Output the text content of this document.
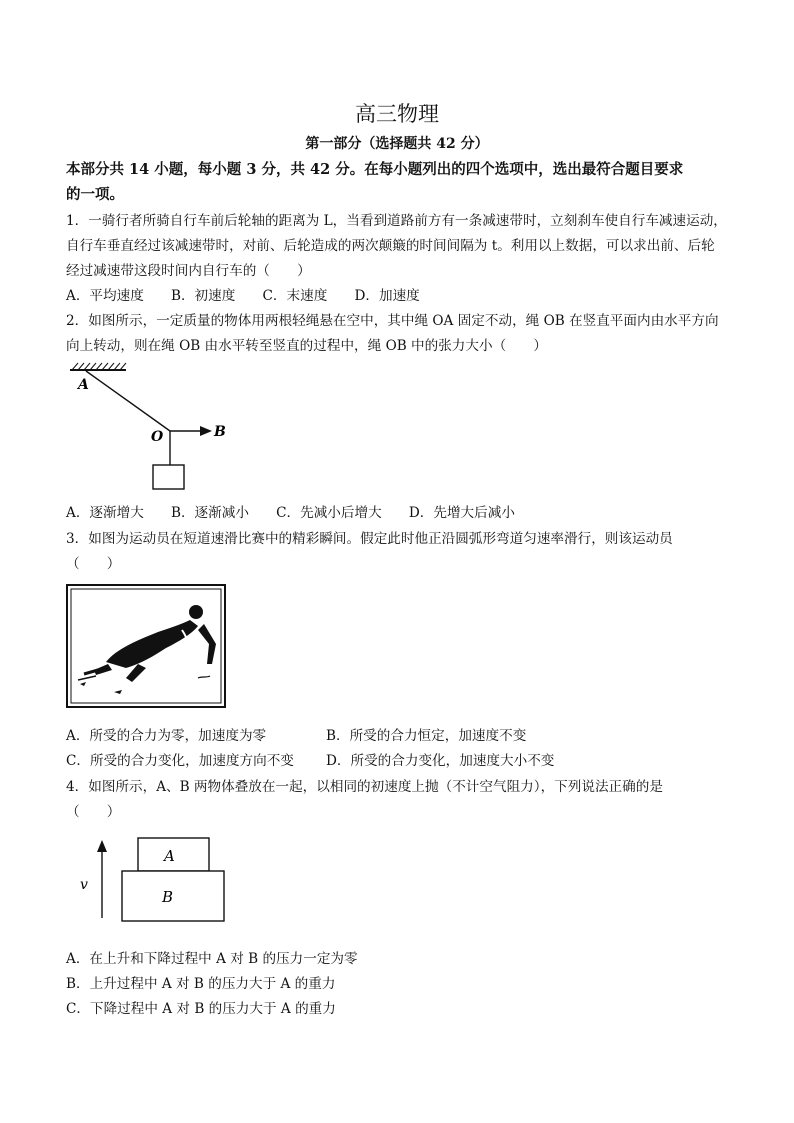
高三物理
第一部分（选择题共 42 分）
本部分共 14 小题，每小题 3 分，共 42 分。在每小题列出的四个选项中，选出最符合题目要求
的一项。
1．一骑行者所骑自行车前后轮轴的距离为 L，当看到道路前方有一条减速带时，立刻刹车使自行车减速运动，
自行车垂直经过该减速带时，对前、后轮造成的两次颠簸的时间间隔为 t。利用以上数据，可以求出前、后轮
经过减速带这段时间内自行车的（　　）
A．平均速度　　B．初速度　　C．末速度　　D．加速度
2．如图所示，一定质量的物体用两根轻绳悬在空中，其中绳 OA 固定不动，绳 OB 在竖直平面内由水平方向
向上转动，则在绳 OB 由水平转至竖直的过程中，绳 OB 中的张力大小（　　）
A
O	B
A．逐渐增大　　B．逐渐减小　　C．先减小后增大　　D．先增大后减小
3．如图为运动员在短道速滑比赛中的精彩瞬间。假定此时他正沿圆弧形弯道匀速率滑行，则该运动员
（　　）
A．所受的合力为零，加速度为零	B．所受的合力恒定，加速度不变
C．所受的合力变化，加速度方向不变 D．所受的合力变化，加速度大小不变
4．如图所示，A、B 两物体叠放在一起，以相同的初速度上抛（不计空气阻力），下列说法正确的是
（　　）
v
A
B
A．在上升和下降过程中 A 对 B 的压力一定为零
B．上升过程中 A 对 B 的压力大于 A 的重力
C．下降过程中 A 对 B 的压力大于 A 的重力
